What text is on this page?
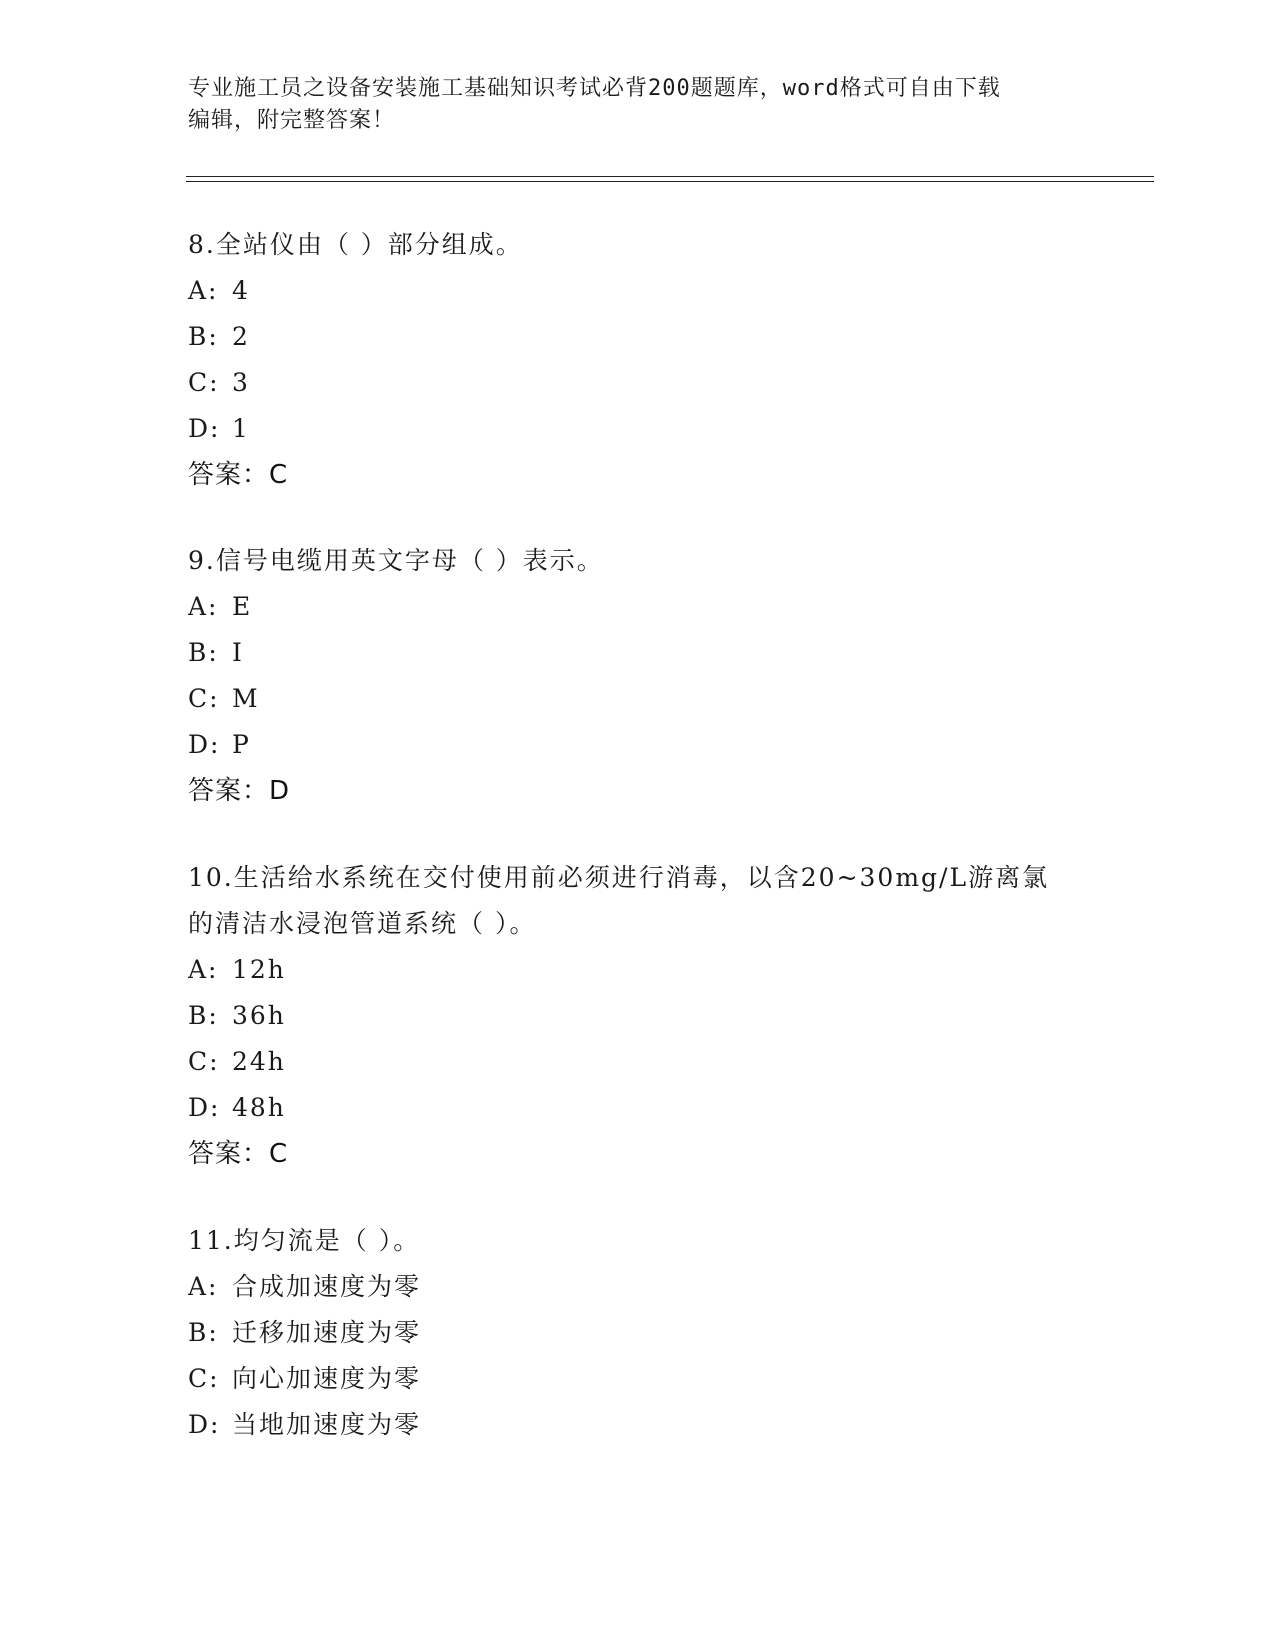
专业施工员之设备安装施工基础知识考试必背200题题库，word格式可自由下载
编辑，附完整答案！
8.全站仪由（ ）部分组成。
A: 4
B: 2
C: 3
D: 1
答案：C
9.信号电缆用英文字母（ ）表示。
A: E
B: I
C: M
D: P
答案：D
10.生活给水系统在交付使用前必须进行消毒，以含20~30mg/L游离氯
的清洁水浸泡管道系统（ ）。
A: 12h
B: 36h
C: 24h
D: 48h
答案：C
11.均匀流是（ ）。
A: 合成加速度为零
B: 迁移加速度为零
C: 向心加速度为零
D: 当地加速度为零
